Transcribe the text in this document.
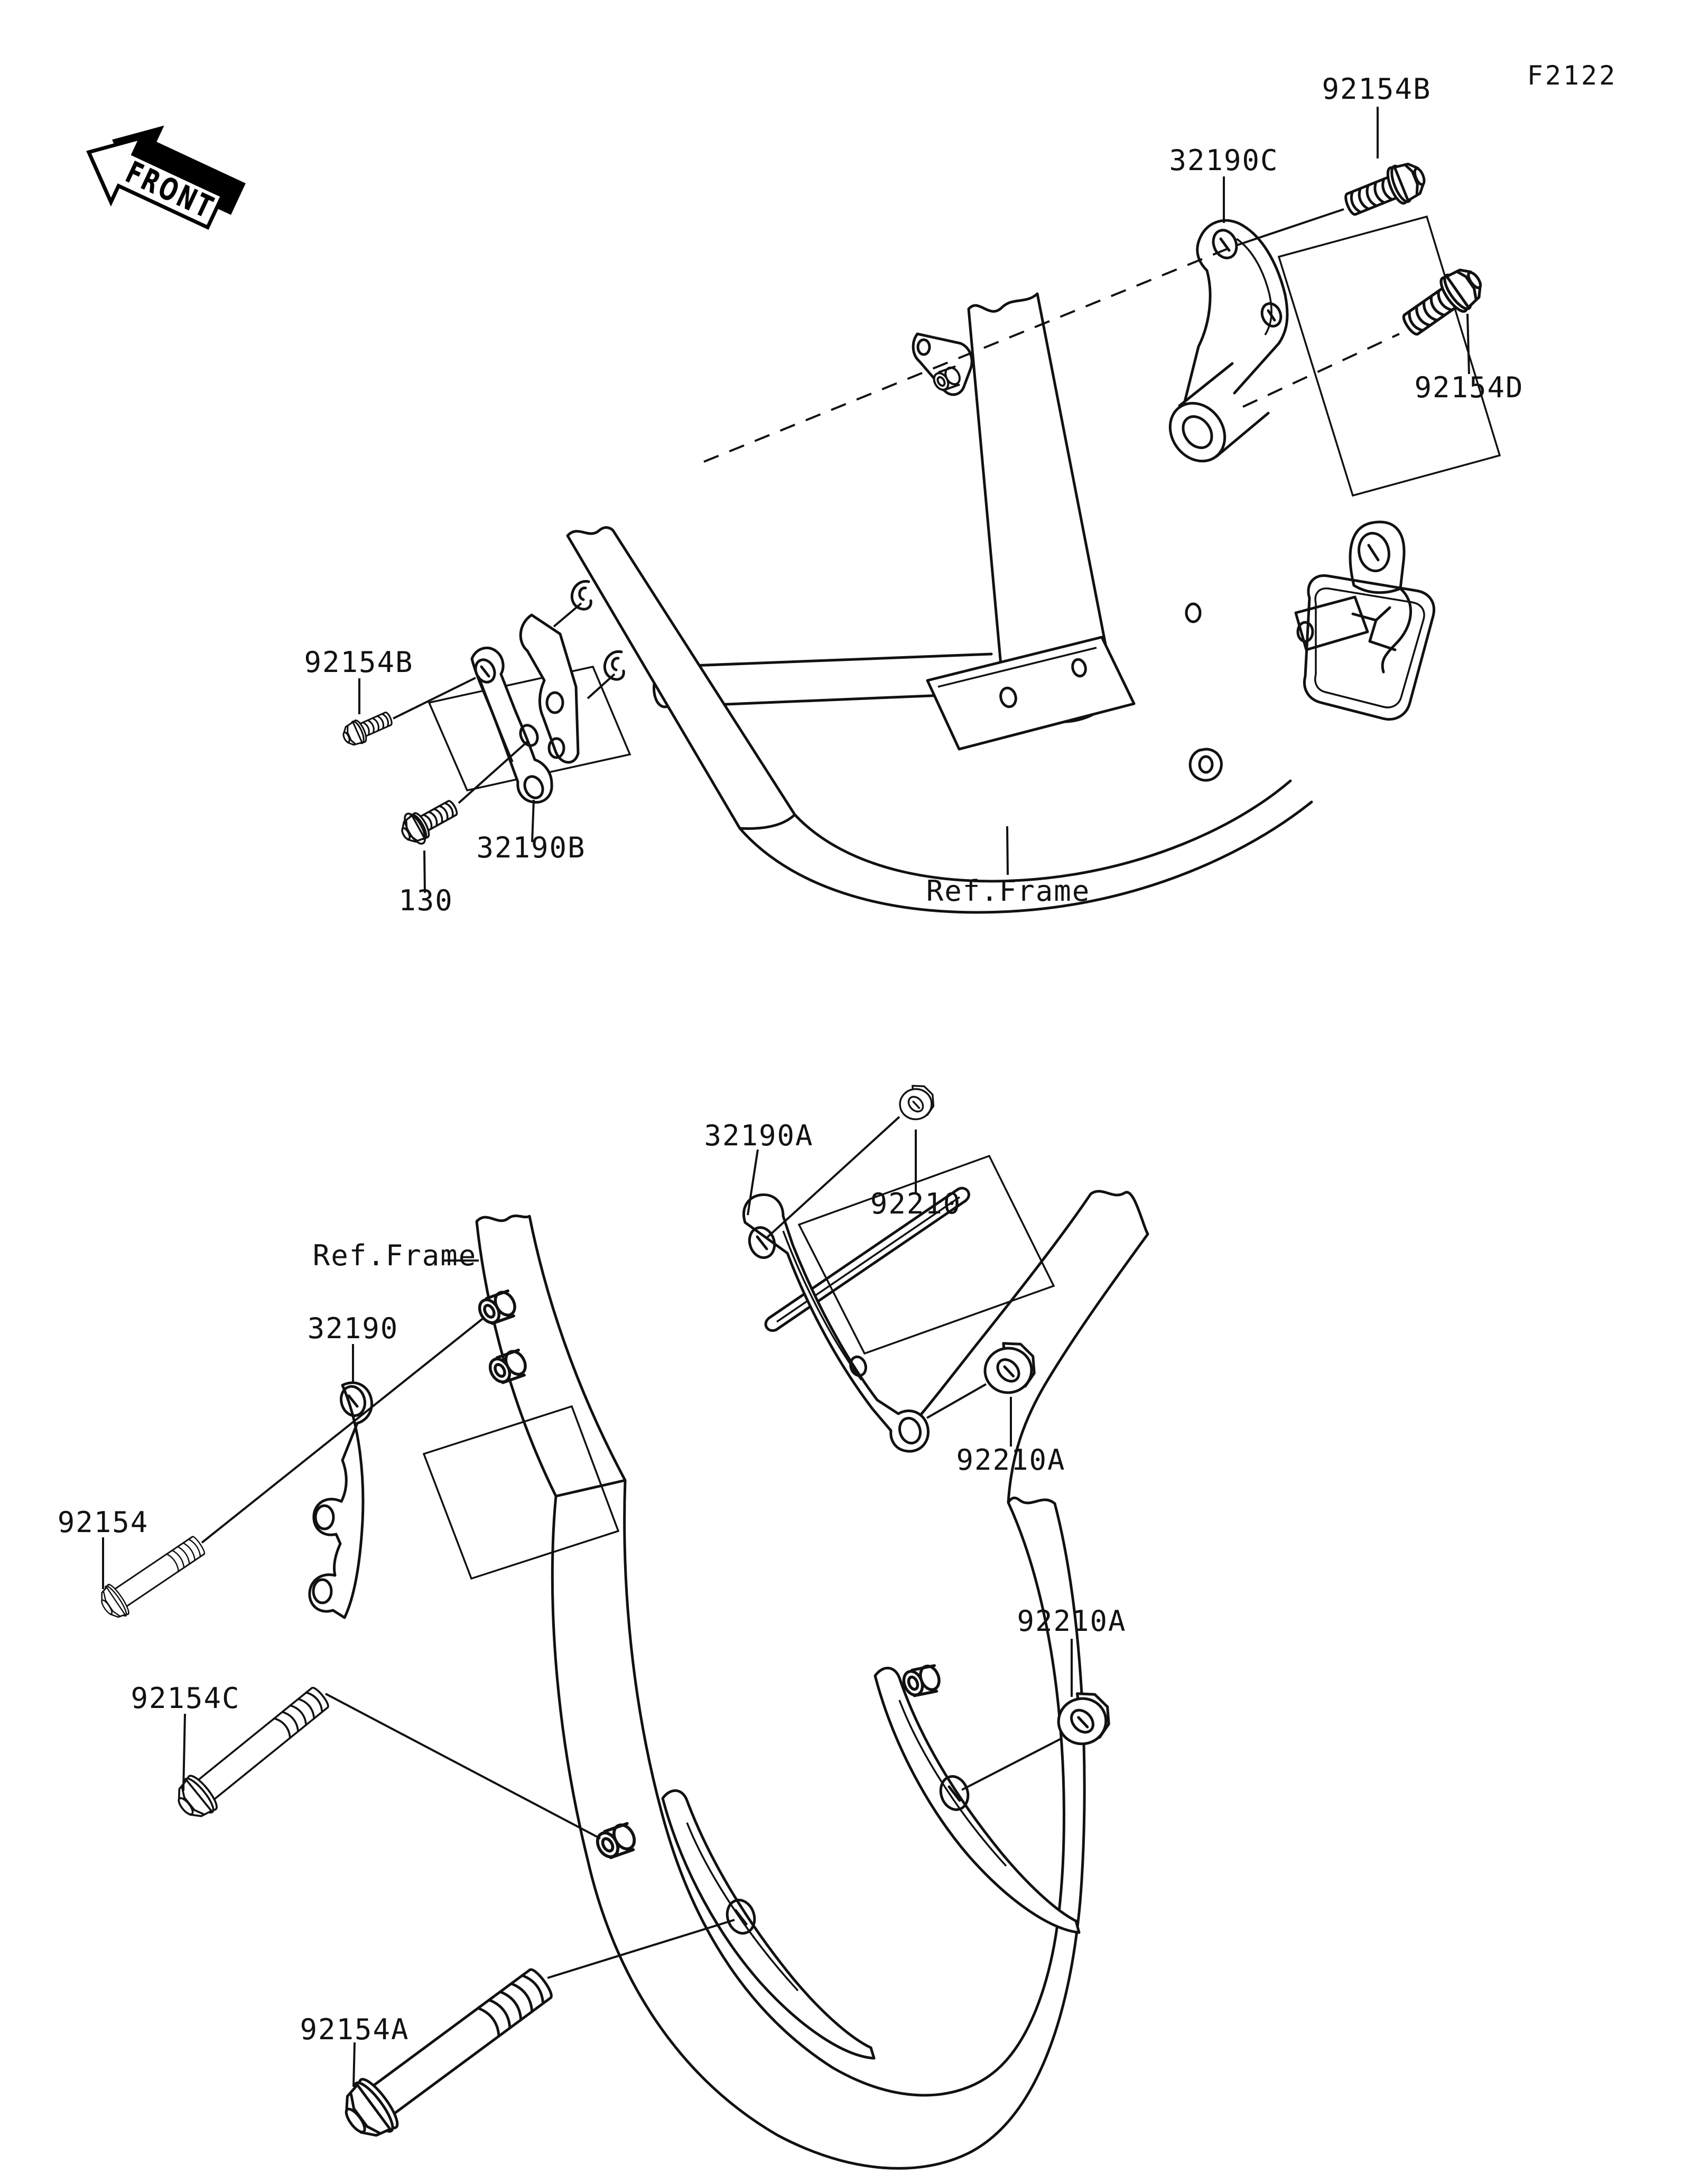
FRONT
F2122
92154B
32190C
92154D
92154B
32190B
130	Ref.Frame
32190A
92210
Ref.Frame
32190
92210A
92154
92210A
92154C
92154A
